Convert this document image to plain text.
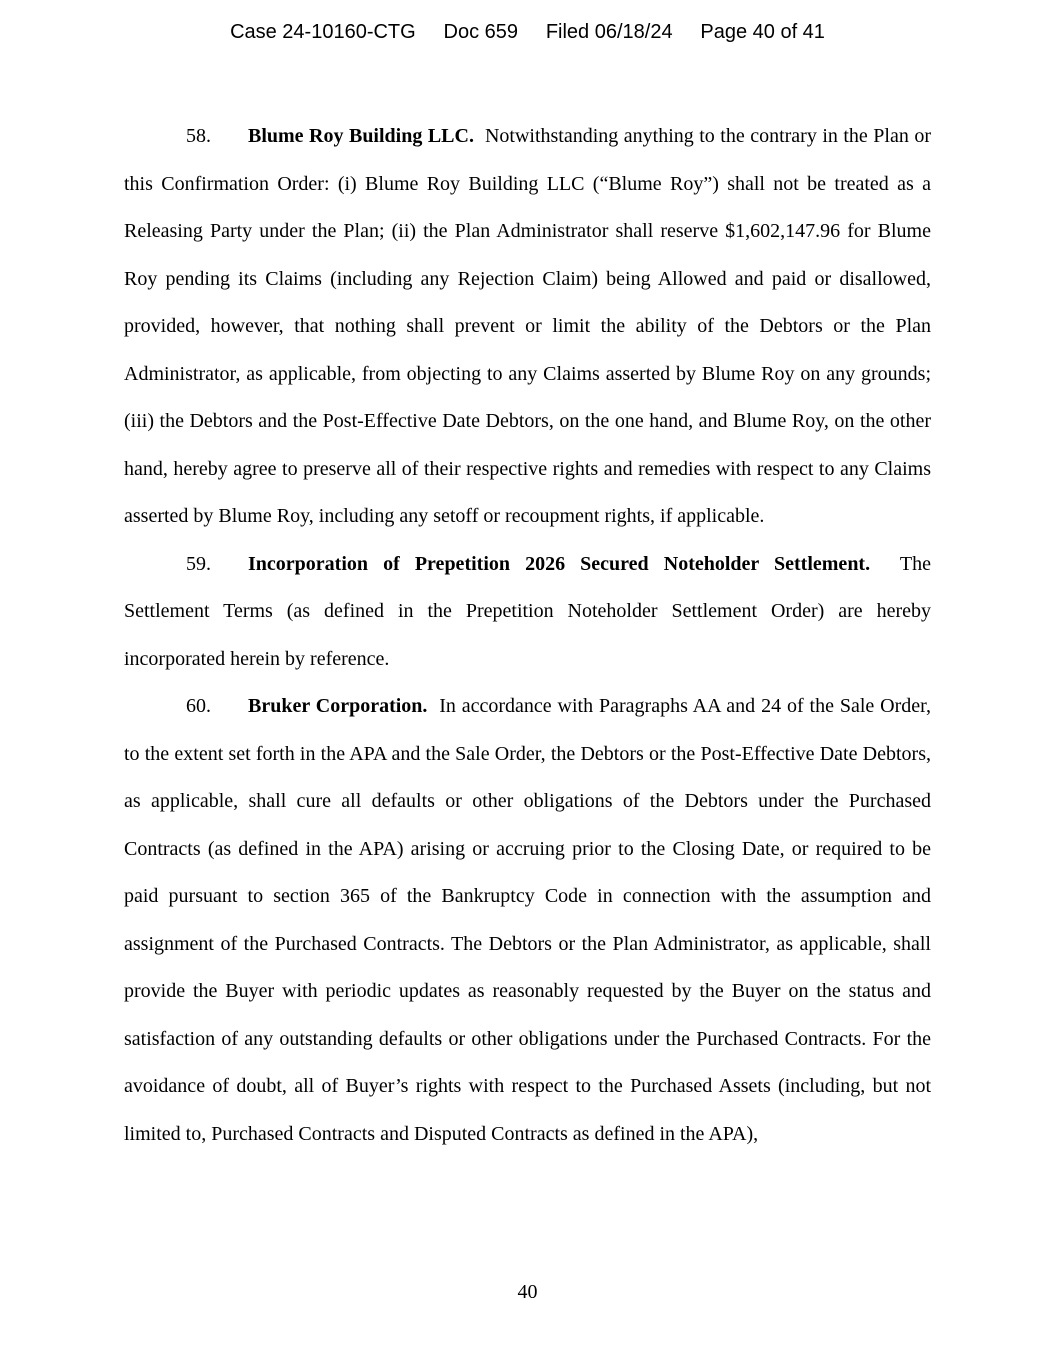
Case 24-10160-CTG Doc 659 Filed 06/18/24 Page 40 of 41

58. Blume Roy Building LLC. Notwithstanding anything to the contrary in the Plan or this Confirmation Order: (i) Blume Roy Building LLC (“Blume Roy”) shall not be treated as a Releasing Party under the Plan; (ii) the Plan Administrator shall reserve $1,602,147.96 for Blume Roy pending its Claims (including any Rejection Claim) being Allowed and paid or disallowed, provided, however, that nothing shall prevent or limit the ability of the Debtors or the Plan Administrator, as applicable, from objecting to any Claims asserted by Blume Roy on any grounds; (iii) the Debtors and the Post-Effective Date Debtors, on the one hand, and Blume Roy, on the other hand, hereby agree to preserve all of their respective rights and remedies with respect to any Claims asserted by Blume Roy, including any setoff or recoupment rights, if applicable.

59. Incorporation of Prepetition 2026 Secured Noteholder Settlement. The Settlement Terms (as defined in the Prepetition Noteholder Settlement Order) are hereby incorporated herein by reference.

60. Bruker Corporation. In accordance with Paragraphs AA and 24 of the Sale Order, to the extent set forth in the APA and the Sale Order, the Debtors or the Post-Effective Date Debtors, as applicable, shall cure all defaults or other obligations of the Debtors under the Purchased Contracts (as defined in the APA) arising or accruing prior to the Closing Date, or required to be paid pursuant to section 365 of the Bankruptcy Code in connection with the assumption and assignment of the Purchased Contracts. The Debtors or the Plan Administrator, as applicable, shall provide the Buyer with periodic updates as reasonably requested by the Buyer on the status and satisfaction of any outstanding defaults or other obligations under the Purchased Contracts. For the avoidance of doubt, all of Buyer’s rights with respect to the Purchased Assets (including, but not limited to, Purchased Contracts and Disputed Contracts as defined in the APA),

40
